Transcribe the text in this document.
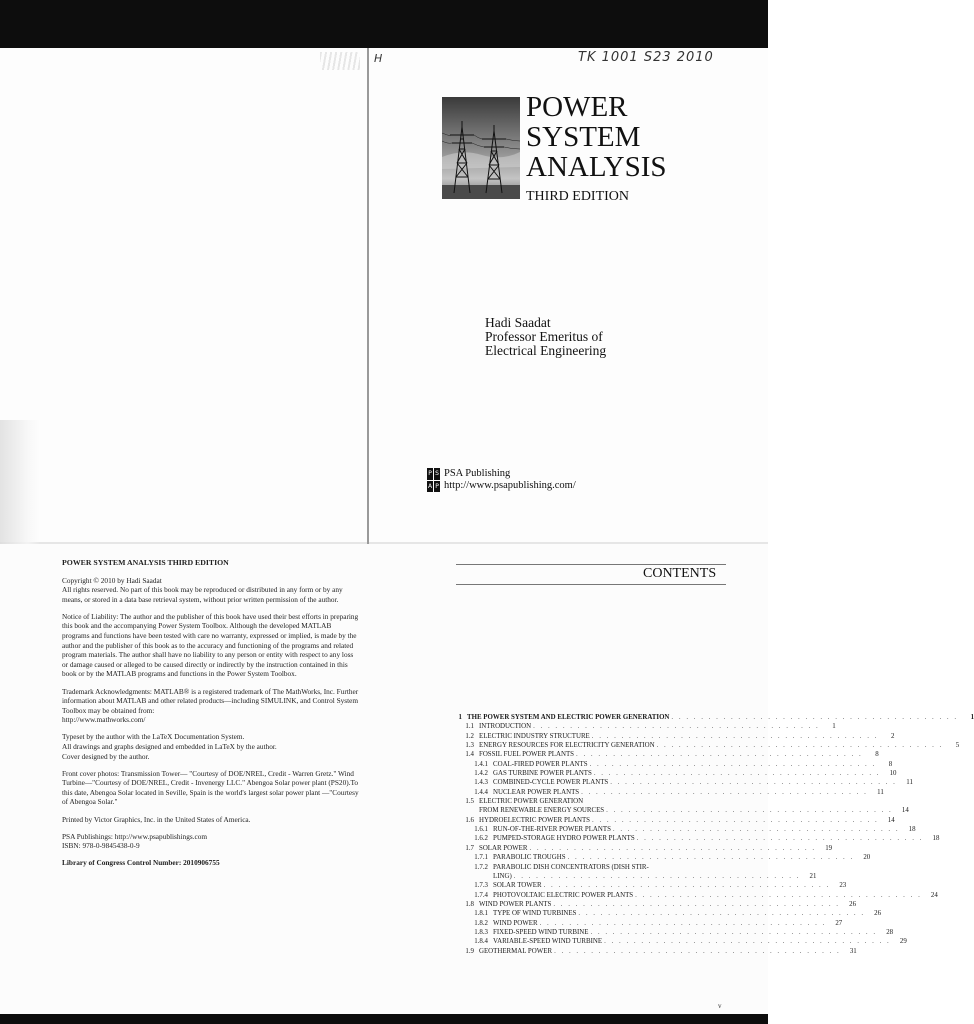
H	TK 1001 S23 2010
POWER
SYSTEM
ANALYSIS
THIRD EDITION
Hadi Saadat
Professor Emeritus of
Electrical Engineering
P S
A P
PSA Publishing
http://www.psapublishing.com/

POWER SYSTEM ANALYSIS THIRD EDITION

Copyright © 2010 by Hadi Saadat
All rights reserved. No part of this book may be reproduced or distributed in any form or by any means, or stored in a data base retrieval system, without prior written permission of the author.

Notice of Liability: The author and the publisher of this book have used their best efforts in preparing this book and the accompanying Power System Toolbox. Although the developed MATLAB programs and functions have been tested with care no warranty, expressed or implied, is made by the author and the publisher of this book as to the accuracy and functioning of the programs and related program materials. The author shall have no liability to any person or entity with respect to any loss or damage caused or alleged to be caused directly or indirectly by the instruction contained in this book or by the MATLAB programs and functions in the Power System Toolbox.

Trademark Acknowledgments: MATLAB® is a registered trademark of The MathWorks, Inc. Further information about MATLAB and other related products—including SIMULINK, and Control System Toolbox may be obtained from:
http://www.mathworks.com/

Typeset by the author with the LaTeX Documentation System.
All drawings and graphs designed and embedded in LaTeX by the author.
Cover designed by the author.

Front cover photos: Transmission Tower— "Courtesy of DOE/NREL, Credit - Warren Gretz." Wind Turbine—"Courtesy of DOE/NREL, Credit - Invenergy LLC." Abengoa Solar power plant (PS20).To this date, Abengoa Solar located in Seville, Spain is the world's largest solar power plant —"Courtesy of Abengoa Solar."

Printed by Victor Graphics, Inc. in the United States of America.

PSA Publishings: http://www.psapublishings.com
ISBN: 978-0-9845438-0-9

Library of Congress Control Number: 2010906755

CONTENTS
1 THE POWER SYSTEM AND ELECTRIC POWER GENERATION . . . . . . . . . . . . . . . . . . . . . . . . . . . . . . . . . . . . . . .	1
1.1 INTRODUCTION . . . . . . . . . . . . . . . . . . . . . . . . . . . . . . . . . . . . . . .	1
1.2 ELECTRIC INDUSTRY STRUCTURE . . . . . . . . . . . . . . . . . . . . . . . . . . . . . . . . . . . . . . .	2
1.3 ENERGY RESOURCES FOR ELECTRICITY GENERATION . . . . . . . . . . . . . . . . . . . . . . . . . . . . . . . . . . . . . . .	5
1.4 FOSSIL FUEL POWER PLANTS . . . . . . . . . . . . . . . . . . . . . . . . . . . . . . . . . . . . . . .	8
1.4.1 COAL-FIRED POWER PLANTS . . . . . . . . . . . . . . . . . . . . . . . . . . . . . . . . . . . . . . .	8
1.4.2 GAS TURBINE POWER PLANTS . . . . . . . . . . . . . . . . . . . . . . . . . . . . . . . . . . . . . . .	10
1.4.3 COMBINED-CYCLE POWER PLANTS . . . . . . . . . . . . . . . . . . . . . . . . . . . . . . . . . . . . . . .	11
1.4.4 NUCLEAR POWER PLANTS . . . . . . . . . . . . . . . . . . . . . . . . . . . . . . . . . . . . . . .	11
1.5 ELECTRIC POWER GENERATION
FROM RENEWABLE ENERGY SOURCES . . . . . . . . . . . . . . . . . . . . . . . . . . . . . . . . . . . . . . .	14
1.6 HYDROELECTRIC POWER PLANTS . . . . . . . . . . . . . . . . . . . . . . . . . . . . . . . . . . . . . . .	14
1.6.1 RUN-OF-THE-RIVER POWER PLANTS . . . . . . . . . . . . . . . . . . . . . . . . . . . . . . . . . . . . . . .	18
1.6.2 PUMPED-STORAGE HYDRO POWER PLANTS . . . . . . . . . . . . . . . . . . . . . . . . . . . . . . . . . . . . . . .	18
1.7 SOLAR POWER . . . . . . . . . . . . . . . . . . . . . . . . . . . . . . . . . . . . . . .	19
1.7.1 PARABOLIC TROUGHS . . . . . . . . . . . . . . . . . . . . . . . . . . . . . . . . . . . . . . .	20
1.7.2 PARABOLIC DISH CONCENTRATORS (DISH STIR-
LING) . . . . . . . . . . . . . . . . . . . . . . . . . . . . . . . . . . . . . . .	21
1.7.3 SOLAR TOWER . . . . . . . . . . . . . . . . . . . . . . . . . . . . . . . . . . . . . . .	23
1.7.4 PHOTOVOLTAIC ELECTRIC POWER PLANTS . . . . . . . . . . . . . . . . . . . . . . . . . . . . . . . . . . . . . . .	24
1.8 WIND POWER PLANTS . . . . . . . . . . . . . . . . . . . . . . . . . . . . . . . . . . . . . . .	26
1.8.1 TYPE OF WIND TURBINES . . . . . . . . . . . . . . . . . . . . . . . . . . . . . . . . . . . . . . .	26
1.8.2 WIND POWER . . . . . . . . . . . . . . . . . . . . . . . . . . . . . . . . . . . . . . .	27
1.8.3 FIXED-SPEED WIND TURBINE . . . . . . . . . . . . . . . . . . . . . . . . . . . . . . . . . . . . . . .	28
1.8.4 VARIABLE-SPEED WIND TURBINE . . . . . . . . . . . . . . . . . . . . . . . . . . . . . . . . . . . . . . .	29
1.9 GEOTHERMAL POWER . . . . . . . . . . . . . . . . . . . . . . . . . . . . . . . . . . . . . . .	31
v
